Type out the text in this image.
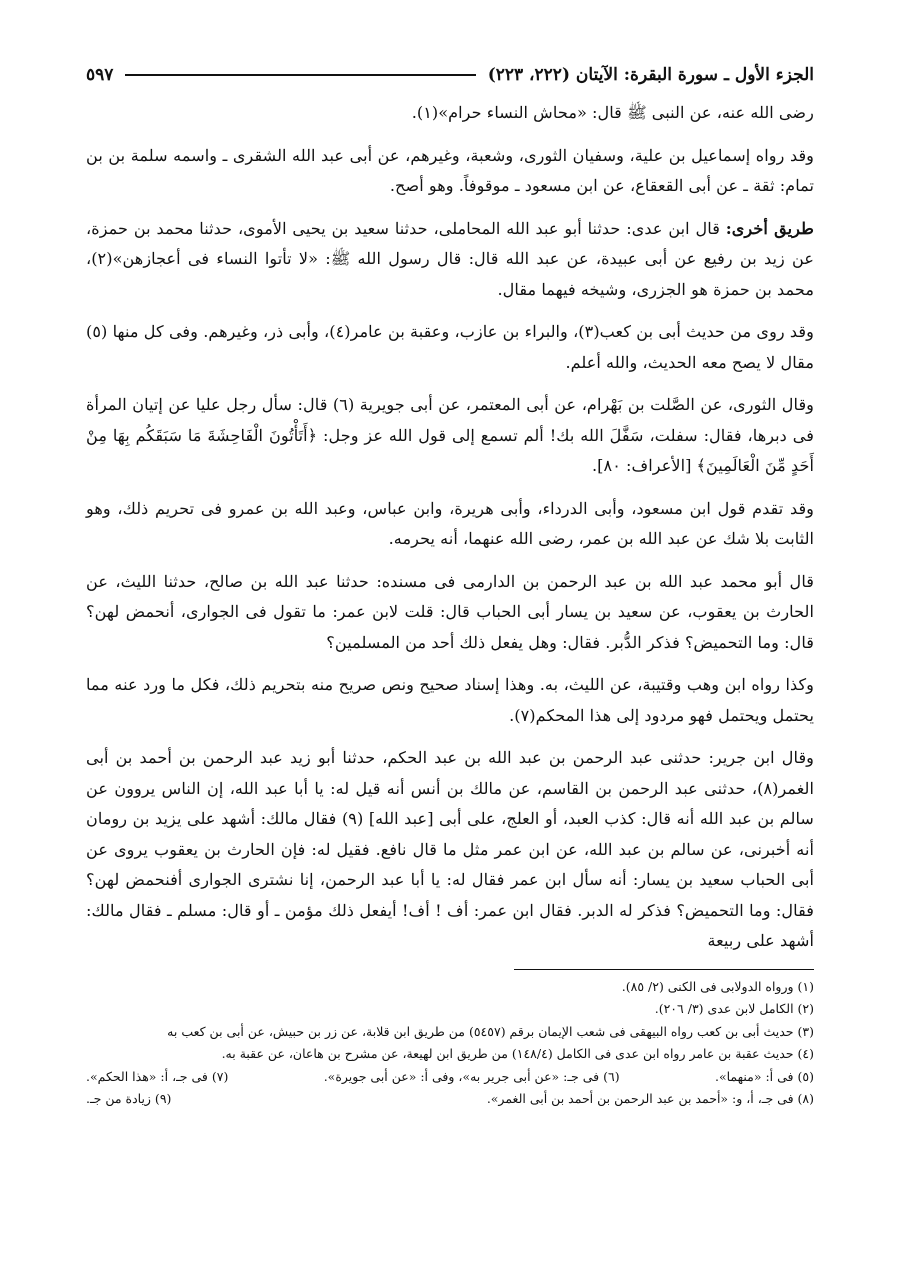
الجزء الأول ـ سورة البقرة: الآيتان (٢٢٢، ٢٢٣)
٥٩٧

رضى الله عنه، عن النبى ﷺ قال: «محاش النساء حرام»(١).

وقد رواه إسماعيل بن علية، وسفيان الثورى، وشعبة، وغيرهم، عن أبى عبد الله الشقرى ـ واسمه سلمة بن بن تمام: ثقة ـ عن أبى القعقاع، عن ابن مسعود ـ موقوفاً. وهو أصح.

طريق أخرى: قال ابن عدى: حدثنا أبو عبد الله المحاملى، حدثنا سعيد بن يحيى الأموى، حدثنا محمد بن حمزة، عن زيد بن رفيع عن أبى عبيدة، عن عبد الله قال: قال رسول الله ﷺ: «لا تأتوا النساء فى أعجازهن»(٢)، محمد بن حمزة هو الجزرى، وشيخه فيهما مقال.

وقد روى من حديث أبى بن كعب(٣)، والبراء بن عازب، وعقبة بن عامر(٤)، وأبى ذر، وغيرهم. وفى كل منها (٥) مقال لا يصح معه الحديث، والله أعلم.

وقال الثورى، عن الصَّلت بن بَهْرام، عن أبى المعتمر، عن أبى جويرية (٦) قال: سأل رجل عليا عن إتيان المرأة فى دبرها، فقال: سفلت، سَفَّلَ الله بك! ألم تسمع إلى قول الله عز وجل: ﴿أَتَأْتُونَ الْفَاحِشَةَ مَا سَبَقَكُم بِهَا مِنْ أَحَدٍ مِّنَ الْعَالَمِينَ﴾ [الأعراف: ٨٠].

وقد تقدم قول ابن مسعود، وأبى الدرداء، وأبى هريرة، وابن عباس، وعبد الله بن عمرو فى تحريم ذلك، وهو الثابت بلا شك عن عبد الله بن عمر، رضى الله عنهما، أنه يحرمه.

قال أبو محمد عبد الله بن عبد الرحمن بن الدارمى فى مسنده: حدثنا عبد الله بن صالح، حدثنا الليث، عن الحارث بن يعقوب، عن سعيد بن يسار أبى الحباب قال: قلت لابن عمر: ما تقول فى الجوارى، أنحمض لهن؟ قال: وما التحميض؟ فذكر الدُّبر. فقال: وهل يفعل ذلك أحد من المسلمين؟

وكذا رواه ابن وهب وقتيبة، عن الليث، به. وهذا إسناد صحيح ونص صريح منه بتحريم ذلك، فكل ما ورد عنه مما يحتمل ويحتمل فهو مردود إلى هذا المحكم(٧).

وقال ابن جرير: حدثنى عبد الرحمن بن عبد الله بن عبد الحكم، حدثنا أبو زيد عبد الرحمن بن أحمد بن أبى الغمر(٨)، حدثنى عبد الرحمن بن القاسم، عن مالك بن أنس أنه قيل له: يا أبا عبد الله، إن الناس يروون عن سالم بن عبد الله أنه قال: كذب العبد، أو العلج، على أبى [عبد الله] (٩) فقال مالك: أشهد على يزيد بن رومان أنه أخبرنى، عن سالم بن عبد الله، عن ابن عمر مثل ما قال نافع. فقيل له: فإن الحارث بن يعقوب يروى عن أبى الحباب سعيد بن يسار: أنه سأل ابن عمر فقال له: يا أبا عبد الرحمن، إنا نشترى الجوارى أفنحمض لهن؟ فقال: وما التحميض؟ فذكر له الدبر. فقال ابن عمر: أف ! أف! أيفعل ذلك مؤمن ـ أو قال: مسلم ـ فقال مالك: أشهد على ربيعة

(١) ورواه الدولابى فى الكنى (٢/ ٨٥).
(٢) الكامل لابن عدى (٣/ ٢٠٦).
(٣) حديث أبى بن كعب رواه البيهقى فى شعب الإيمان برقم (٥٤٥٧) من طريق ابن قلابة، عن زر بن حبيش، عن أبى بن كعب به
(٤) حديث عقبة بن عامر رواه ابن عدى فى الكامل (١٤٨/٤) من طريق ابن لهيعة، عن مشرح بن هاعان، عن عقبة به.
(٥) فى أ: «منهما».
(٦) فى جـ: «عن أبى جرير به»، وفى أ: «عن أبى جويرة».
(٧) فى جـ، أ: «هذا الحكم».
(٨) فى جـ، أ، و: «أحمد بن عبد الرحمن بن أحمد بن أبى الغمر».
(٩) زيادة من جـ.
